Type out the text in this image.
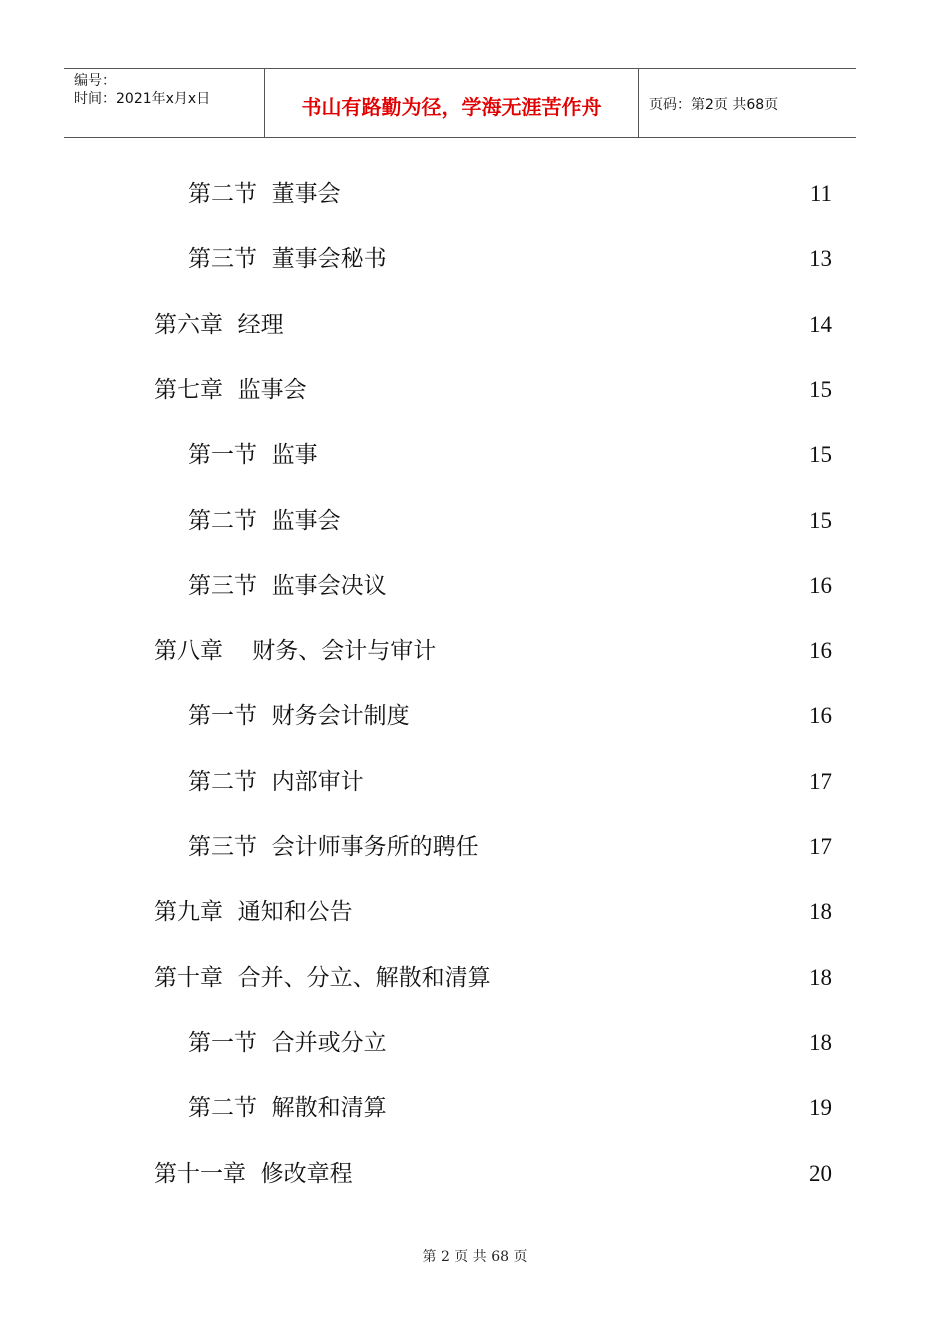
编号：
时间：2021年x月x日	书山有路勤为径，学海无涯苦作舟	页码：第2页 共68页
第二节  董事会	11
第三节  董事会秘书	13
第六章  经理	14
第七章  监事会	15
第一节  监事	15
第二节  监事会	15
第三节  监事会决议	16
第八章    财务、会计与审计	16
第一节  财务会计制度	16
第二节  内部审计	17
第三节  会计师事务所的聘任	17
第九章  通知和公告	18
第十章  合并、分立、解散和清算	18
第一节  合并或分立	18
第二节  解散和清算	19
第十一章  修改章程	20
第 2 页 共 68 页
